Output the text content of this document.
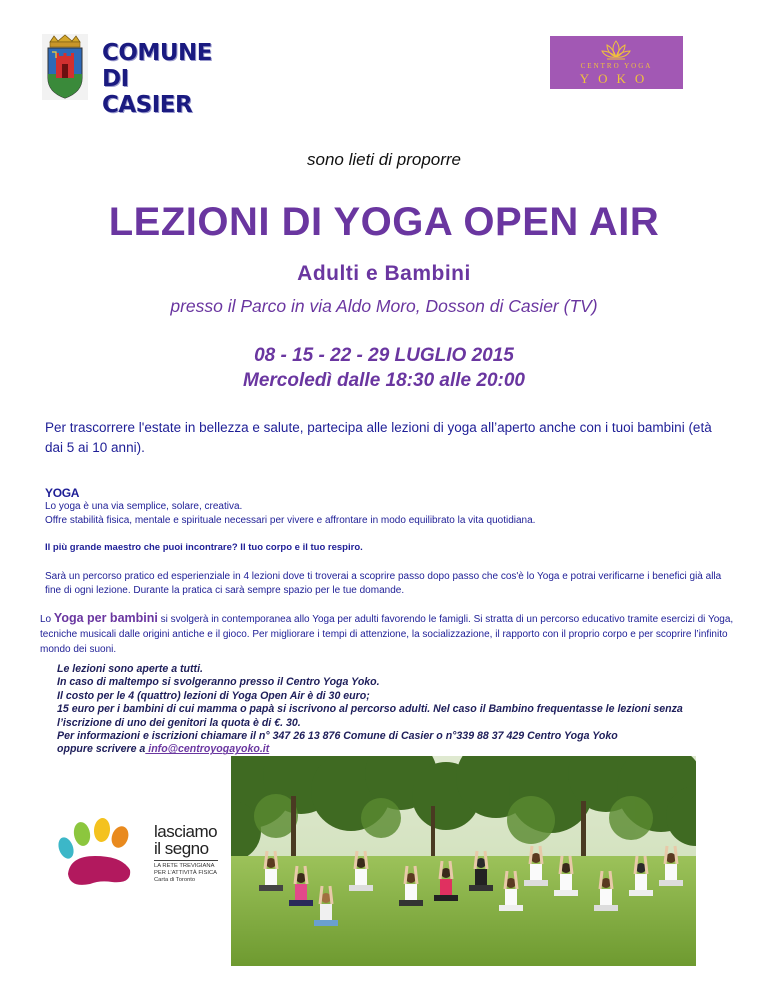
COMUNE
DI CASIER
CENTRO YOGA
YOKO
sono lieti di proporre
LEZIONI DI YOGA OPEN AIR
Adulti e Bambini
presso il Parco in via Aldo Moro, Dosson di Casier (TV)
08 - 15 - 22 - 29 LUGLIO 2015
Mercoledì dalle 18:30 alle 20:00
Per trascorrere l'estate in bellezza e salute, partecipa alle lezioni di yoga all’aperto anche con i tuoi bambini (età dai 5 ai 10 anni).
YOGA
Lo yoga è una via semplice, solare, creativa.
Offre stabilità fisica, mentale e spirituale necessari per vivere e affrontare in modo equilibrato la vita quotidiana.
Il più grande maestro che puoi incontrare? Il tuo corpo e il tuo respiro.
Sarà un percorso pratico ed esperienziale in 4 lezioni dove ti troverai a scoprire passo dopo passo che cos'è lo Yoga e potrai verificarne i benefici già alla fine di ogni lezione. Durante la pratica ci sarà sempre spazio per le tue domande.
Lo Yoga per bambini si svolgerà in contemporanea allo Yoga per adulti favorendo le famigli. Si stratta di un percorso educativo tramite esercizi di Yoga, tecniche musicali dalle origini antiche e il gioco. Per migliorare i tempi di attenzione, la socializzazione, il rapporto con il proprio corpo e per scoprire l’infinito mondo dei suoni.
Le lezioni sono aperte a tutti.
In caso di maltempo si svolgeranno presso il Centro Yoga Yoko.
Il costo per le 4 (quattro) lezioni di Yoga Open Air è di 30 euro;
15 euro per i bambini di cui mamma o papà si iscrivono al percorso adulti. Nel caso il Bambino frequentasse le lezioni senza l’iscrizione di uno dei genitori la quota è di €. 30.
Per informazioni e iscrizioni chiamare il n° 347 26 13 876 Comune di Casier o n°339 88 37 429 Centro Yoga Yoko
oppure scrivere a info@centroyogayoko.it
lasciamo
il segno
LA RETE TREVIGIANA
PER L’ATTIVITÀ FISICA
Carta di Toronto
